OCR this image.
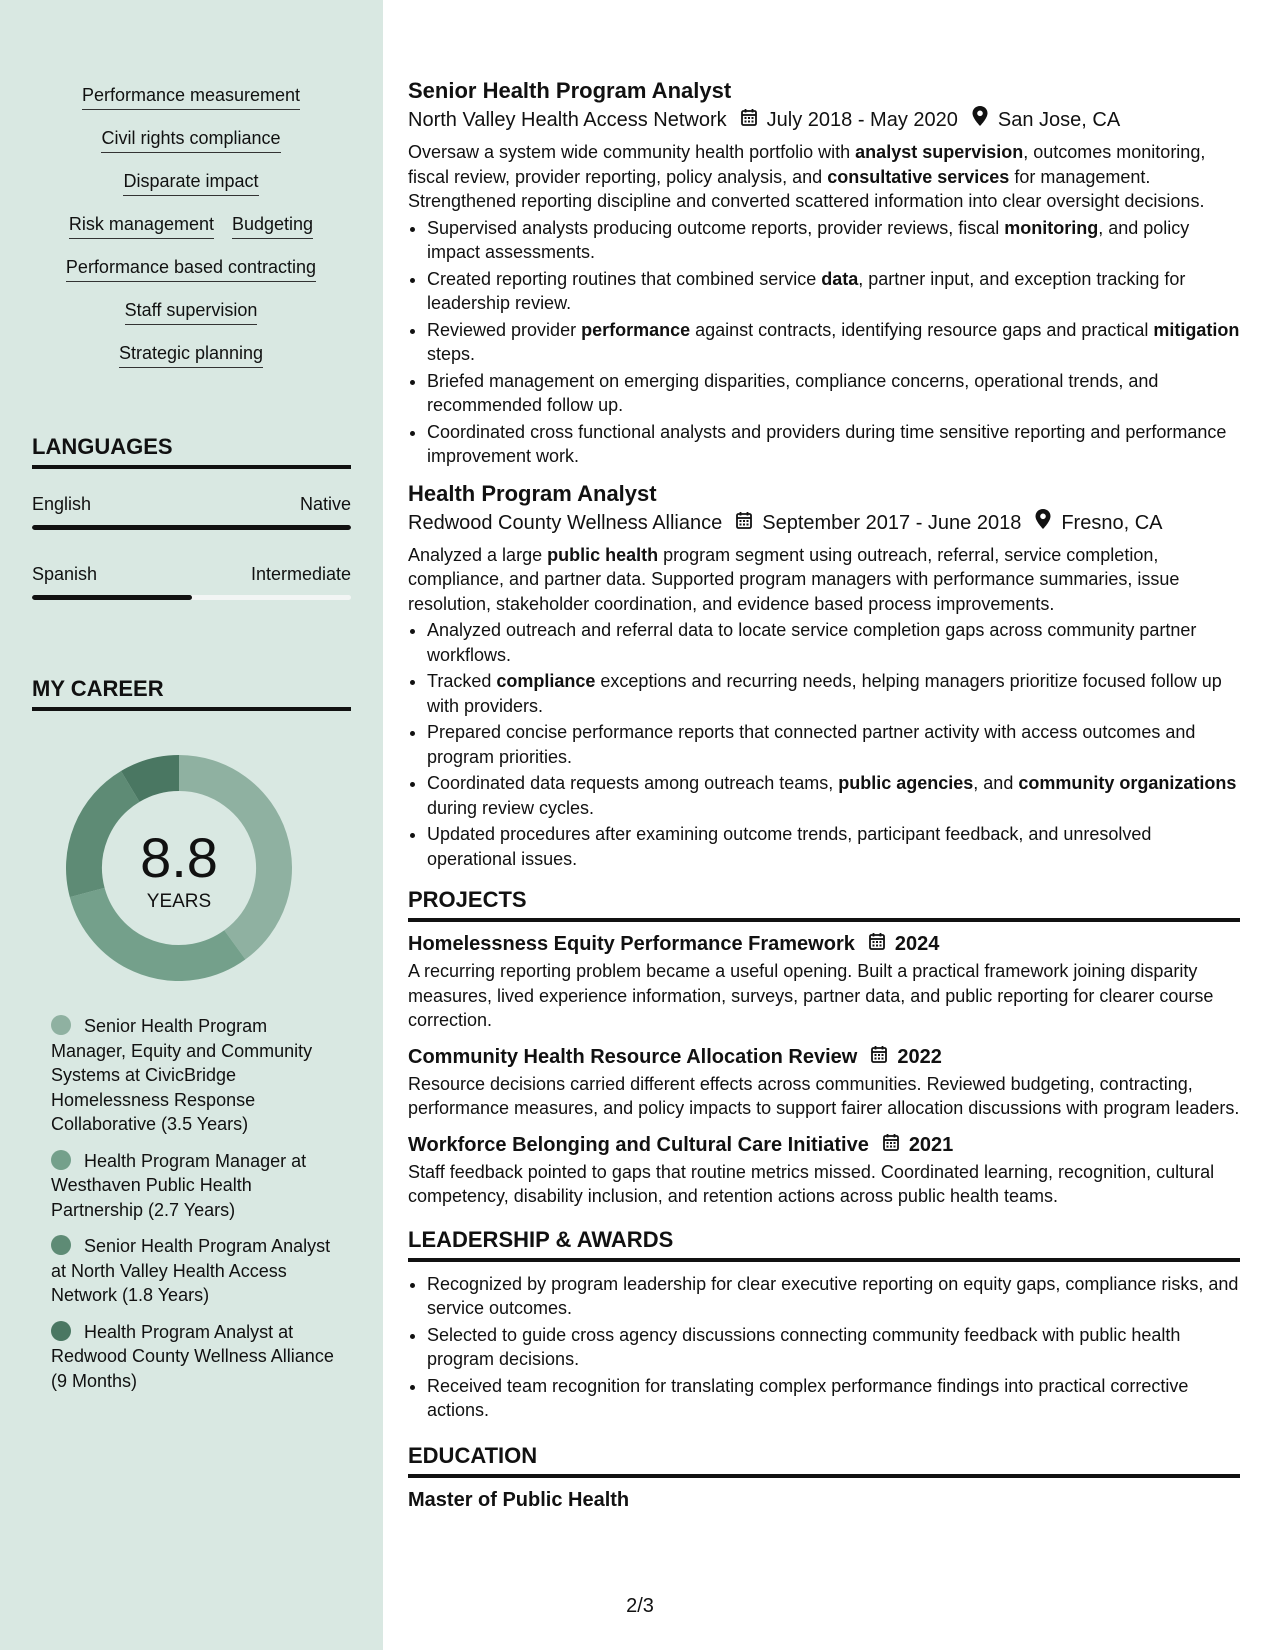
Performance measurement
Civil rights compliance
Disparate impact
Risk management Budgeting
Performance based contracting
Staff supervision
Strategic planning
LANGUAGES
English	Native
Spanish	Intermediate
MY CAREER
8.8
YEARS
Senior Health Program Manager, Equity and Community Systems at CivicBridge Homelessness Response Collaborative (3.5 Years)
Health Program Manager at Westhaven Public Health Partnership (2.7 Years)
Senior Health Program Analyst at North Valley Health Access Network (1.8 Years)
Health Program Analyst at Redwood County Wellness Alliance (9 Months)
Senior Health Program Analyst
North Valley Health Access Network July 2018 - May 2020 San Jose, CA
Oversaw a system wide community health portfolio with analyst supervision, outcomes monitoring, fiscal review, provider reporting, policy analysis, and consultative services for management. Strengthened reporting discipline and converted scattered information into clear oversight decisions.
• Supervised analysts producing outcome reports, provider reviews, fiscal monitoring, and policy impact assessments.
• Created reporting routines that combined service data, partner input, and exception tracking for leadership review.
• Reviewed provider performance against contracts, identifying resource gaps and practical mitigation steps.
• Briefed management on emerging disparities, compliance concerns, operational trends, and recommended follow up.
• Coordinated cross functional analysts and providers during time sensitive reporting and performance improvement work.
Health Program Analyst
Redwood County Wellness Alliance September 2017 - June 2018 Fresno, CA
Analyzed a large public health program segment using outreach, referral, service completion, compliance, and partner data. Supported program managers with performance summaries, issue resolution, stakeholder coordination, and evidence based process improvements.
• Analyzed outreach and referral data to locate service completion gaps across community partner workflows.
• Tracked compliance exceptions and recurring needs, helping managers prioritize focused follow up with providers.
• Prepared concise performance reports that connected partner activity with access outcomes and program priorities.
• Coordinated data requests among outreach teams, public agencies, and community organizations during review cycles.
• Updated procedures after examining outcome trends, participant feedback, and unresolved operational issues.
PROJECTS
Homelessness Equity Performance Framework 2024
A recurring reporting problem became a useful opening. Built a practical framework joining disparity measures, lived experience information, surveys, partner data, and public reporting for clearer course correction.
Community Health Resource Allocation Review 2022
Resource decisions carried different effects across communities. Reviewed budgeting, contracting, performance measures, and policy impacts to support fairer allocation discussions with program leaders.
Workforce Belonging and Cultural Care Initiative 2021
Staff feedback pointed to gaps that routine metrics missed. Coordinated learning, recognition, cultural competency, disability inclusion, and retention actions across public health teams.
LEADERSHIP & AWARDS
• Recognized by program leadership for clear executive reporting on equity gaps, compliance risks, and service outcomes.
• Selected to guide cross agency discussions connecting community feedback with public health program decisions.
• Received team recognition for translating complex performance findings into practical corrective actions.
EDUCATION
Master of Public Health
2/3
